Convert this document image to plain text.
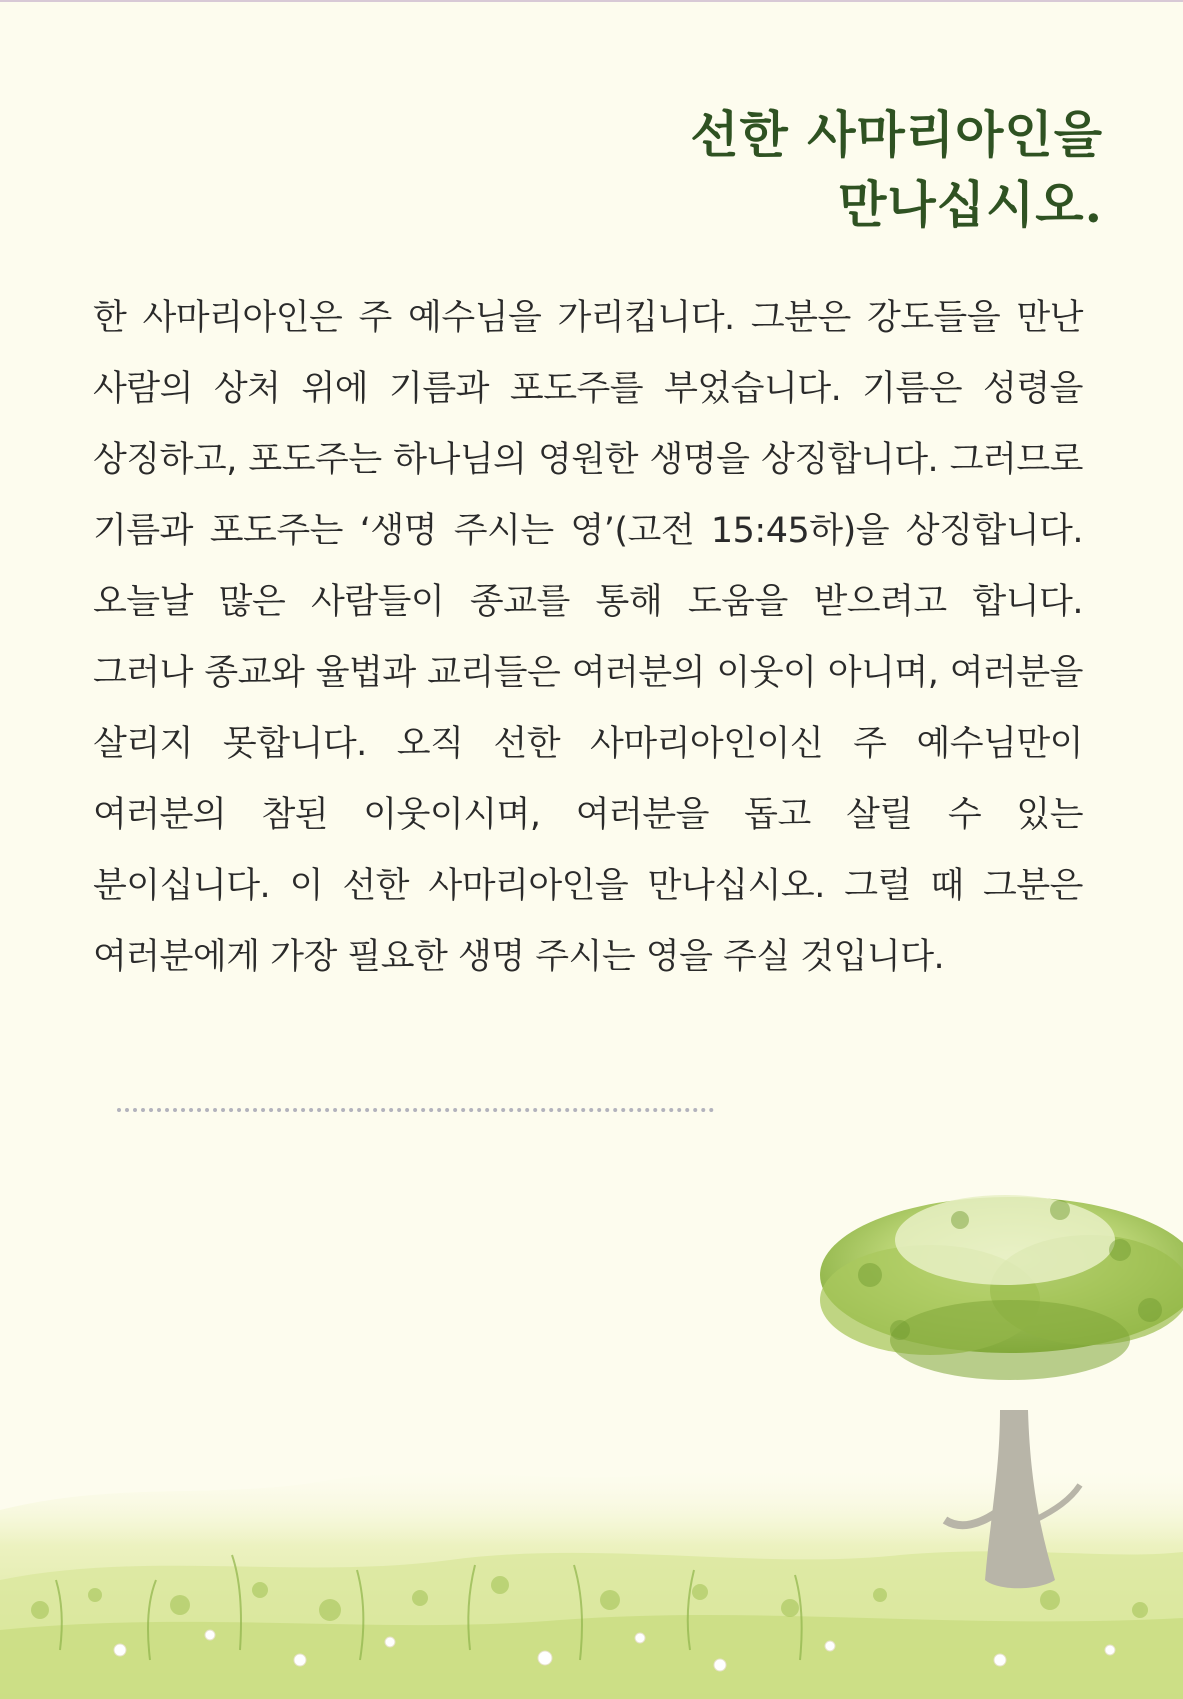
선한 사마리아인을
만나십시오.

한 사마리아인은 주 예수님을 가리킵니다. 그분은 강도들을 만난 사람의 상처 위에 기름과 포도주를 부었습니다. 기름은 성령을 상징하고, 포도주는 하나님의 영원한 생명을 상징합니다. 그러므로 기름과 포도주는 ‘생명 주시는 영’(고전 15:45하)을 상징합니다. 오늘날 많은 사람들이 종교를 통해 도움을 받으려고 합니다. 그러나 종교와 율법과 교리들은 여러분의 이웃이 아니며, 여러분을 살리지 못합니다. 오직 선한 사마리아인이신 주 예수님만이 여러분의 참된 이웃이시며, 여러분을 돕고 살릴 수 있는 분이십니다. 이 선한 사마리아인을 만나십시오. 그럴 때 그분은 여러분에게 가장 필요한 생명 주시는 영을 주실 것입니다.
